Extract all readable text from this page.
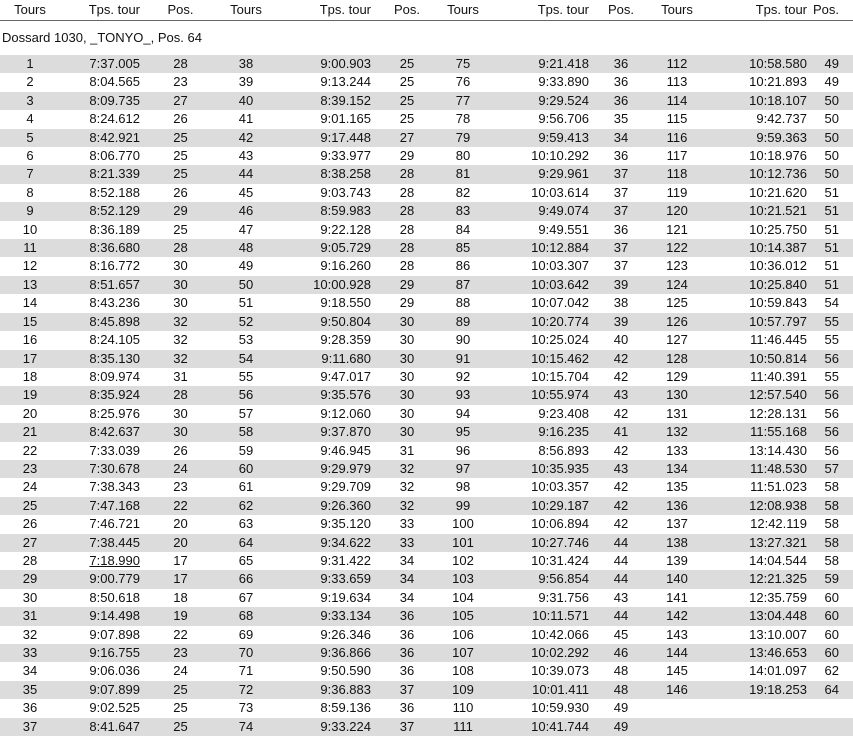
Tours	Tps. tour	Pos.	Tours	Tps. tour	Pos.	Tours	Tps. tour	Pos.	Tours	Tps. tour	Pos.
Dossard 1030, _TONYO_, Pos. 64											
1	7:37.005	28	38	9:00.903	25	75	9:21.418	36	112	10:58.580	49
2	8:04.565	23	39	9:13.244	25	76	9:33.890	36	113	10:21.893	49
3	8:09.735	27	40	8:39.152	25	77	9:29.524	36	114	10:18.107	50
4	8:24.612	26	41	9:01.165	25	78	9:56.706	35	115	9:42.737	50
5	8:42.921	25	42	9:17.448	27	79	9:59.413	34	116	9:59.363	50
6	8:06.770	25	43	9:33.977	29	80	10:10.292	36	117	10:18.976	50
7	8:21.339	25	44	8:38.258	28	81	9:29.961	37	118	10:12.736	50
8	8:52.188	26	45	9:03.743	28	82	10:03.614	37	119	10:21.620	51
9	8:52.129	29	46	8:59.983	28	83	9:49.074	37	120	10:21.521	51
10	8:36.189	25	47	9:22.128	28	84	9:49.551	36	121	10:25.750	51
11	8:36.680	28	48	9:05.729	28	85	10:12.884	37	122	10:14.387	51
12	8:16.772	30	49	9:16.260	28	86	10:03.307	37	123	10:36.012	51
13	8:51.657	30	50	10:00.928	29	87	10:03.642	39	124	10:25.840	51
14	8:43.236	30	51	9:18.550	29	88	10:07.042	38	125	10:59.843	54
15	8:45.898	32	52	9:50.804	30	89	10:20.774	39	126	10:57.797	55
16	8:24.105	32	53	9:28.359	30	90	10:25.024	40	127	11:46.445	55
17	8:35.130	32	54	9:11.680	30	91	10:15.462	42	128	10:50.814	56
18	8:09.974	31	55	9:47.017	30	92	10:15.704	42	129	11:40.391	55
19	8:35.924	28	56	9:35.576	30	93	10:55.974	43	130	12:57.540	56
20	8:25.976	30	57	9:12.060	30	94	9:23.408	42	131	12:28.131	56
21	8:42.637	30	58	9:37.870	30	95	9:16.235	41	132	11:55.168	56
22	7:33.039	26	59	9:46.945	31	96	8:56.893	42	133	13:14.430	56
23	7:30.678	24	60	9:29.979	32	97	10:35.935	43	134	11:48.530	57
24	7:38.343	23	61	9:29.709	32	98	10:03.357	42	135	11:51.023	58
25	7:47.168	22	62	9:26.360	32	99	10:29.187	42	136	12:08.938	58
26	7:46.721	20	63	9:35.120	33	100	10:06.894	42	137	12:42.119	58
27	7:38.445	20	64	9:34.622	33	101	10:27.746	44	138	13:27.321	58
28	7:18.990	17	65	9:31.422	34	102	10:31.424	44	139	14:04.544	58
29	9:00.779	17	66	9:33.659	34	103	9:56.854	44	140	12:21.325	59
30	8:50.618	18	67	9:19.634	34	104	9:31.756	43	141	12:35.759	60
31	9:14.498	19	68	9:33.134	36	105	10:11.571	44	142	13:04.448	60
32	9:07.898	22	69	9:26.346	36	106	10:42.066	45	143	13:10.007	60
33	9:16.755	23	70	9:36.866	36	107	10:02.292	46	144	13:46.653	60
34	9:06.036	24	71	9:50.590	36	108	10:39.073	48	145	14:01.097	62
35	9:07.899	25	72	9:36.883	37	109	10:01.411	48	146	19:18.253	64
36	9:02.525	25	73	8:59.136	36	110	10:59.930	49			
37	8:41.647	25	74	9:33.224	37	111	10:41.744	49			
